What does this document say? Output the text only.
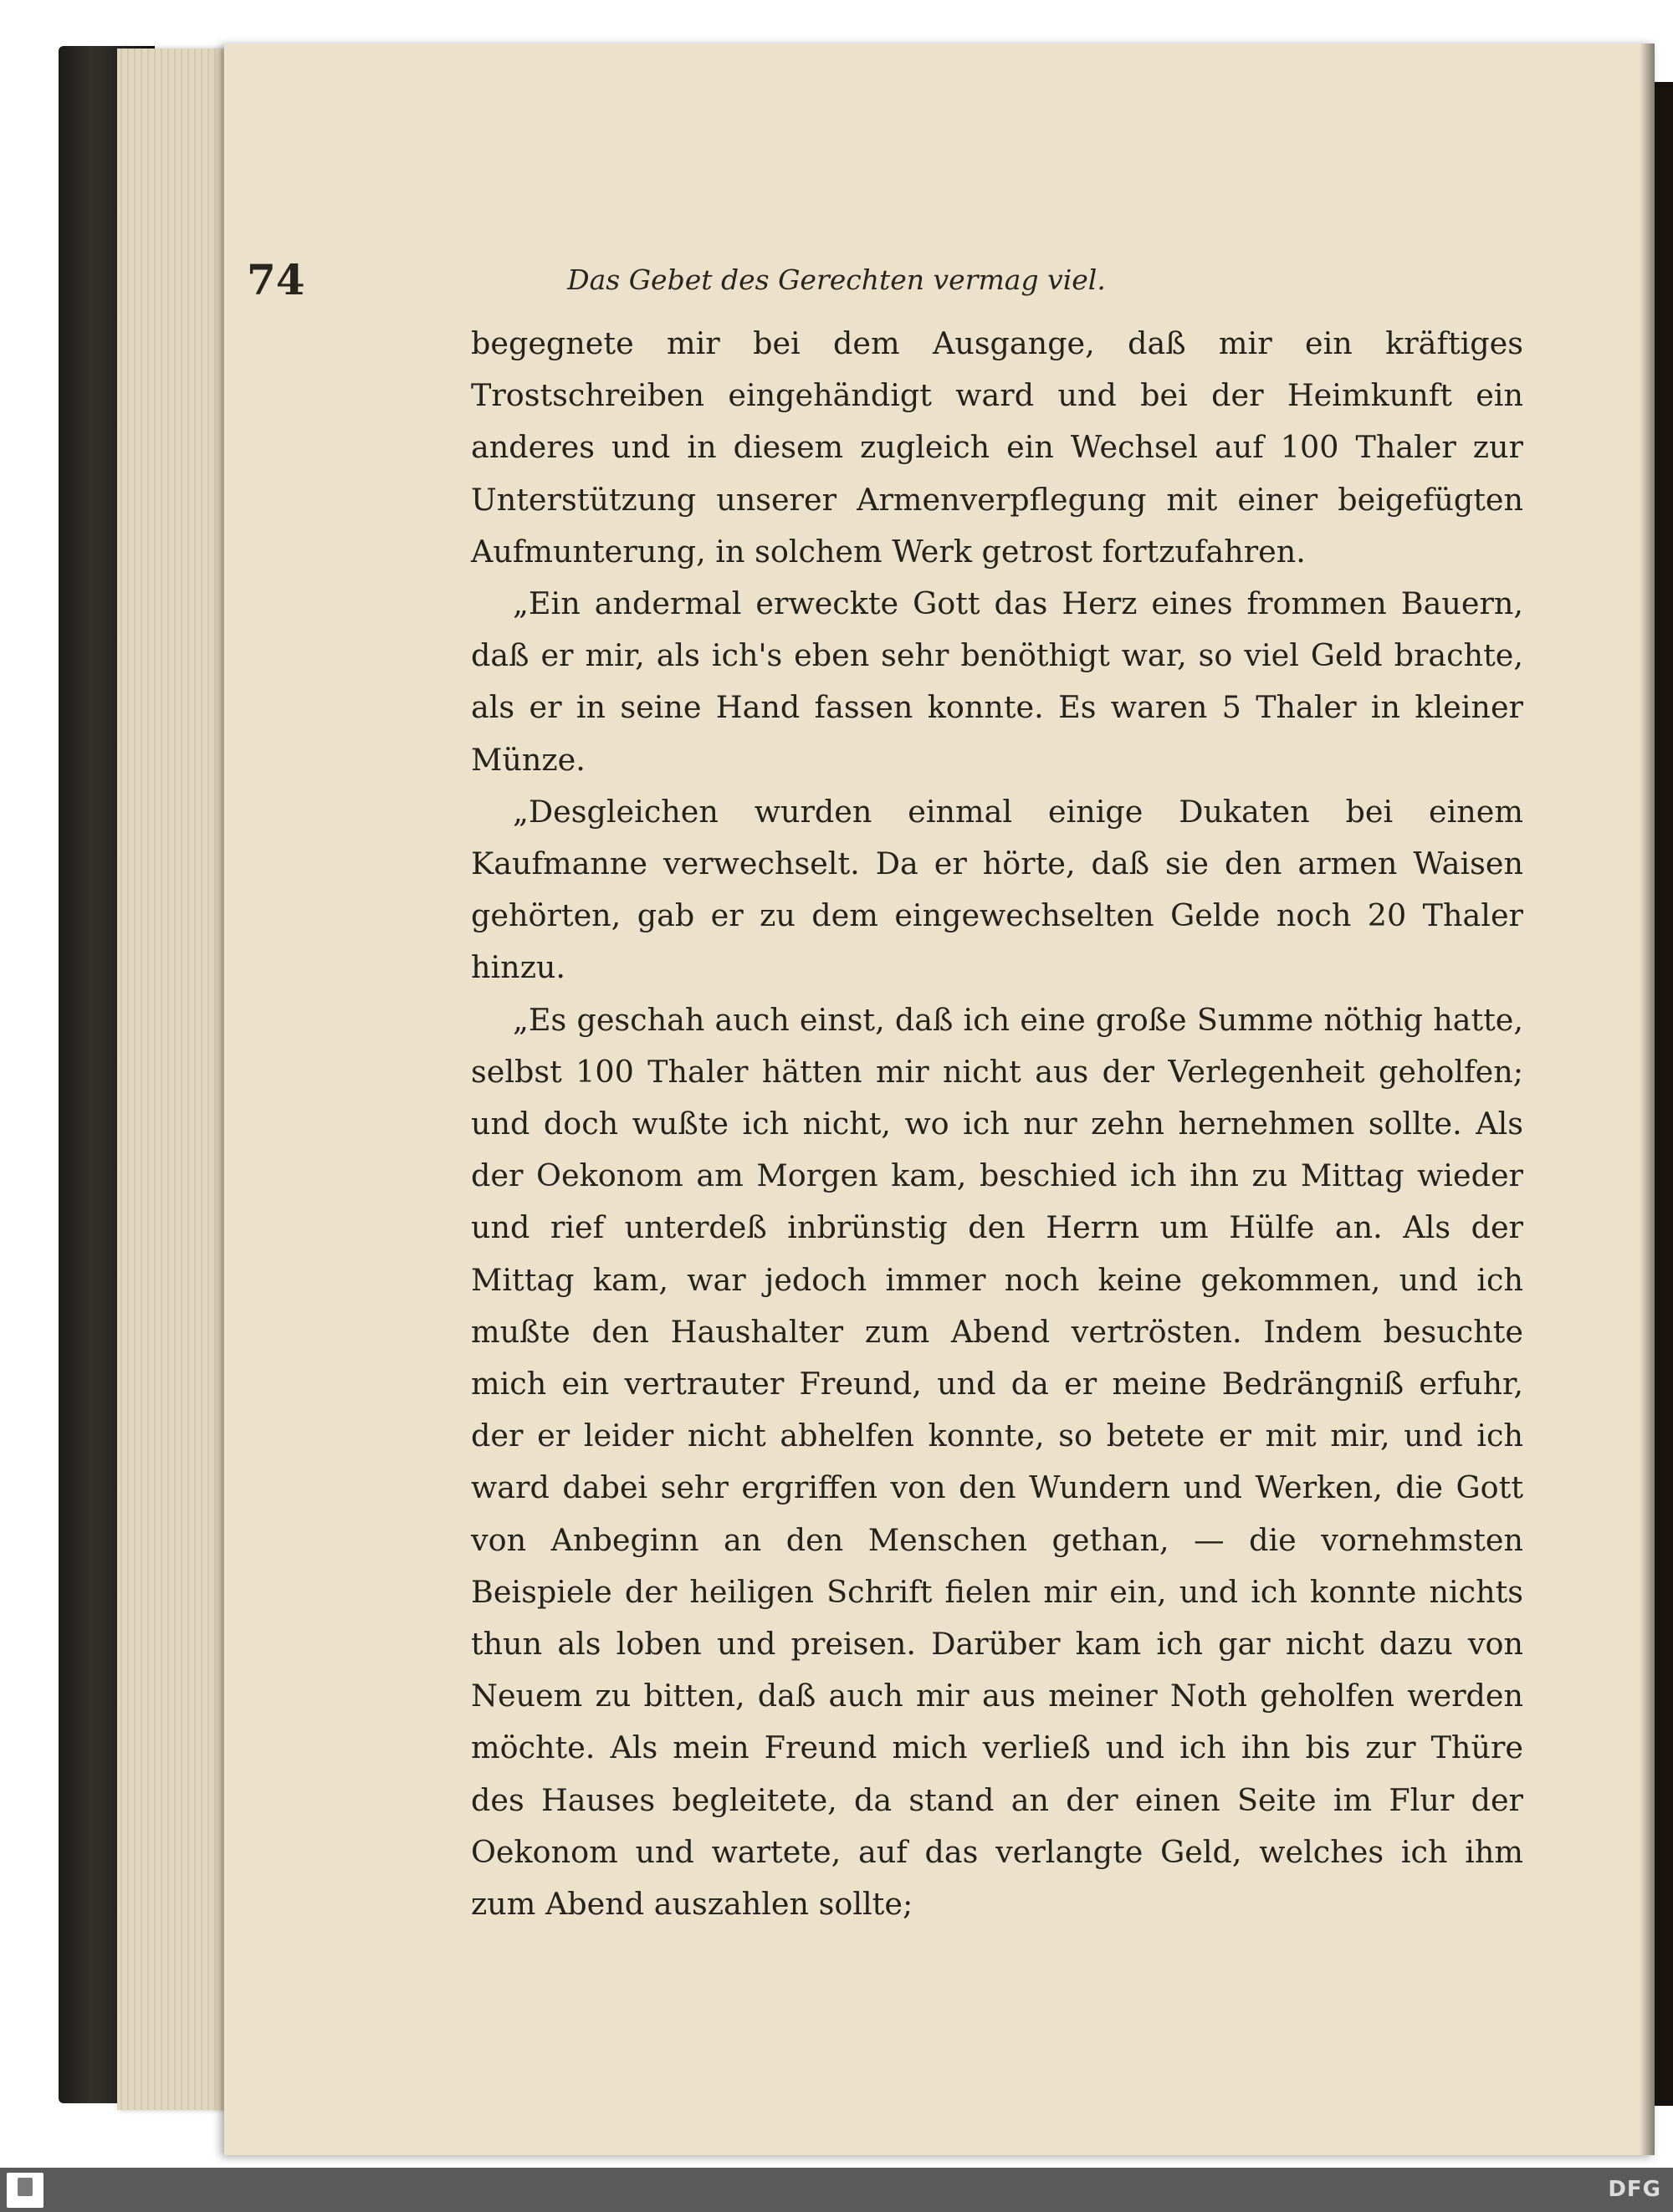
74	Das Gebet des Gerechten vermag viel.

begegnete mir bei dem Ausgange, daß mir ein kräftiges Trostschreiben eingehändigt ward und bei der Heimkunft ein anderes und in diesem zugleich ein Wechsel auf 100 Thaler zur Unterstützung unserer Armenverpflegung mit einer beigefügten Aufmunterung, in solchem Werk getrost fortzufahren.

„Ein andermal erweckte Gott das Herz eines frommen Bauern, daß er mir, als ich's eben sehr benöthigt war, so viel Geld brachte, als er in seine Hand fassen konnte. Es waren 5 Thaler in kleiner Münze.

„Desgleichen wurden einmal einige Dukaten bei einem Kaufmanne verwechselt. Da er hörte, daß sie den armen Waisen gehörten, gab er zu dem eingewechselten Gelde noch 20 Thaler hinzu.

„Es geschah auch einst, daß ich eine große Summe nöthig hatte, selbst 100 Thaler hätten mir nicht aus der Verlegenheit geholfen; und doch wußte ich nicht, wo ich nur zehn hernehmen sollte. Als der Oekonom am Morgen kam, beschied ich ihn zu Mittag wieder und rief unterdeß inbrünstig den Herrn um Hülfe an. Als der Mittag kam, war jedoch immer noch keine gekommen, und ich mußte den Haushalter zum Abend vertrösten. Indem besuchte mich ein vertrauter Freund, und da er meine Bedrängniß erfuhr, der er leider nicht abhelfen konnte, so betete er mit mir, und ich ward dabei sehr ergriffen von den Wundern und Werken, die Gott von Anbeginn an den Menschen gethan, — die vornehmsten Beispiele der heiligen Schrift fielen mir ein, und ich konnte nichts thun als loben und preisen. Darüber kam ich gar nicht dazu von Neuem zu bitten, daß auch mir aus meiner Noth geholfen werden möchte. Als mein Freund mich verließ und ich ihn bis zur Thüre des Hauses begleitete, da stand an der einen Seite im Flur der Oekonom und wartete, auf das verlangte Geld, welches ich ihm zum Abend auszahlen sollte;

DFG
